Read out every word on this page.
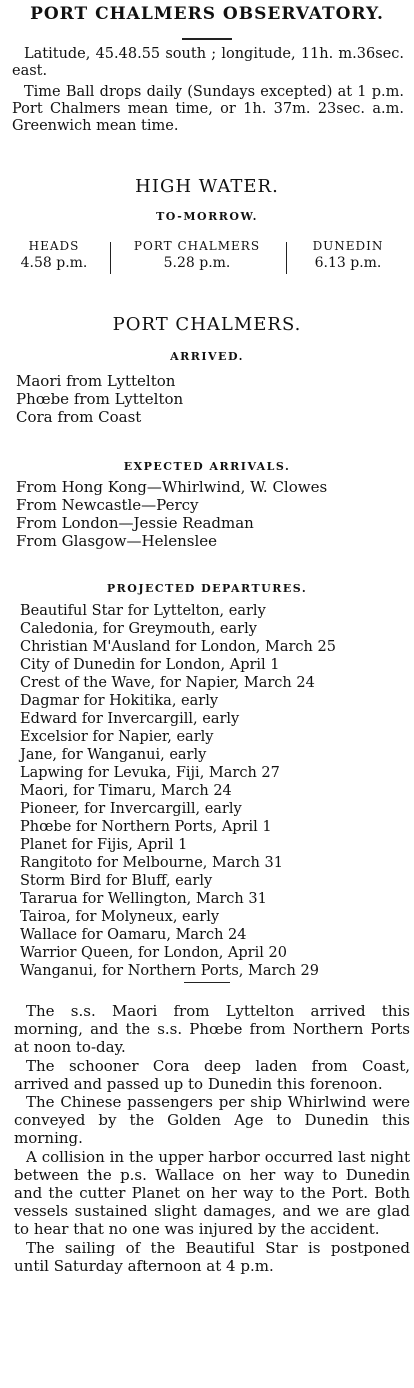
PORT CHALMERS OBSERVATORY.
Latitude, 45.48.55 south ; longitude, 11h. m.36sec. east.
Time Ball drops daily (Sundays excepted) at 1 p.m. Port Chalmers mean time, or 1h. 37m. 23sec. a.m. Greenwich mean time.
HIGH WATER.
TO-MORROW.
HEADS
4.58 p.m.
PORT CHALMERS
5.28 p.m.
DUNEDIN
6.13 p.m.
PORT CHALMERS.
ARRIVED.
Maori from Lyttelton
Phœbe from Lyttelton
Cora from Coast
EXPECTED ARRIVALS.
From Hong Kong—Whirlwind, W. Clowes
From Newcastle—Percy
From London—Jessie Readman
From Glasgow—Helenslee
PROJECTED DEPARTURES.
Beautiful Star for Lyttelton, early
Caledonia, for Greymouth, early
Christian M'Ausland for London, March 25
City of Dunedin for London, April 1
Crest of the Wave, for Napier, March 24
Dagmar for Hokitika, early
Edward for Invercargill, early
Excelsior for Napier, early
Jane, for Wanganui, early
Lapwing for Levuka, Fiji, March 27
Maori, for Timaru, March 24
Pioneer, for Invercargill, early
Phœbe for Northern Ports, April 1
Planet for Fijis, April 1
Rangitoto for Melbourne, March 31
Storm Bird for Bluff, early
Tararua for Wellington, March 31
Tairoa, for Molyneux, early
Wallace for Oamaru, March 24
Warrior Queen, for London, April 20
Wanganui, for Northern Ports, March 29

The s.s. Maori from Lyttelton arrived this morning, and the s.s. Phœbe from Northern Ports at noon to-day.

The schooner Cora deep laden from Coast, arrived and passed up to Dunedin this forenoon.

The Chinese passengers per ship Whirlwind were conveyed by the Golden Age to Dunedin this morning.

A collision in the upper harbor occurred last night between the p.s. Wallace on her way to Dunedin and the cutter Planet on her way to the Port. Both vessels sustained slight damages, and we are glad to hear that no one was injured by the accident.

The sailing of the Beautiful Star is postponed until Saturday afternoon at 4 p.m.
